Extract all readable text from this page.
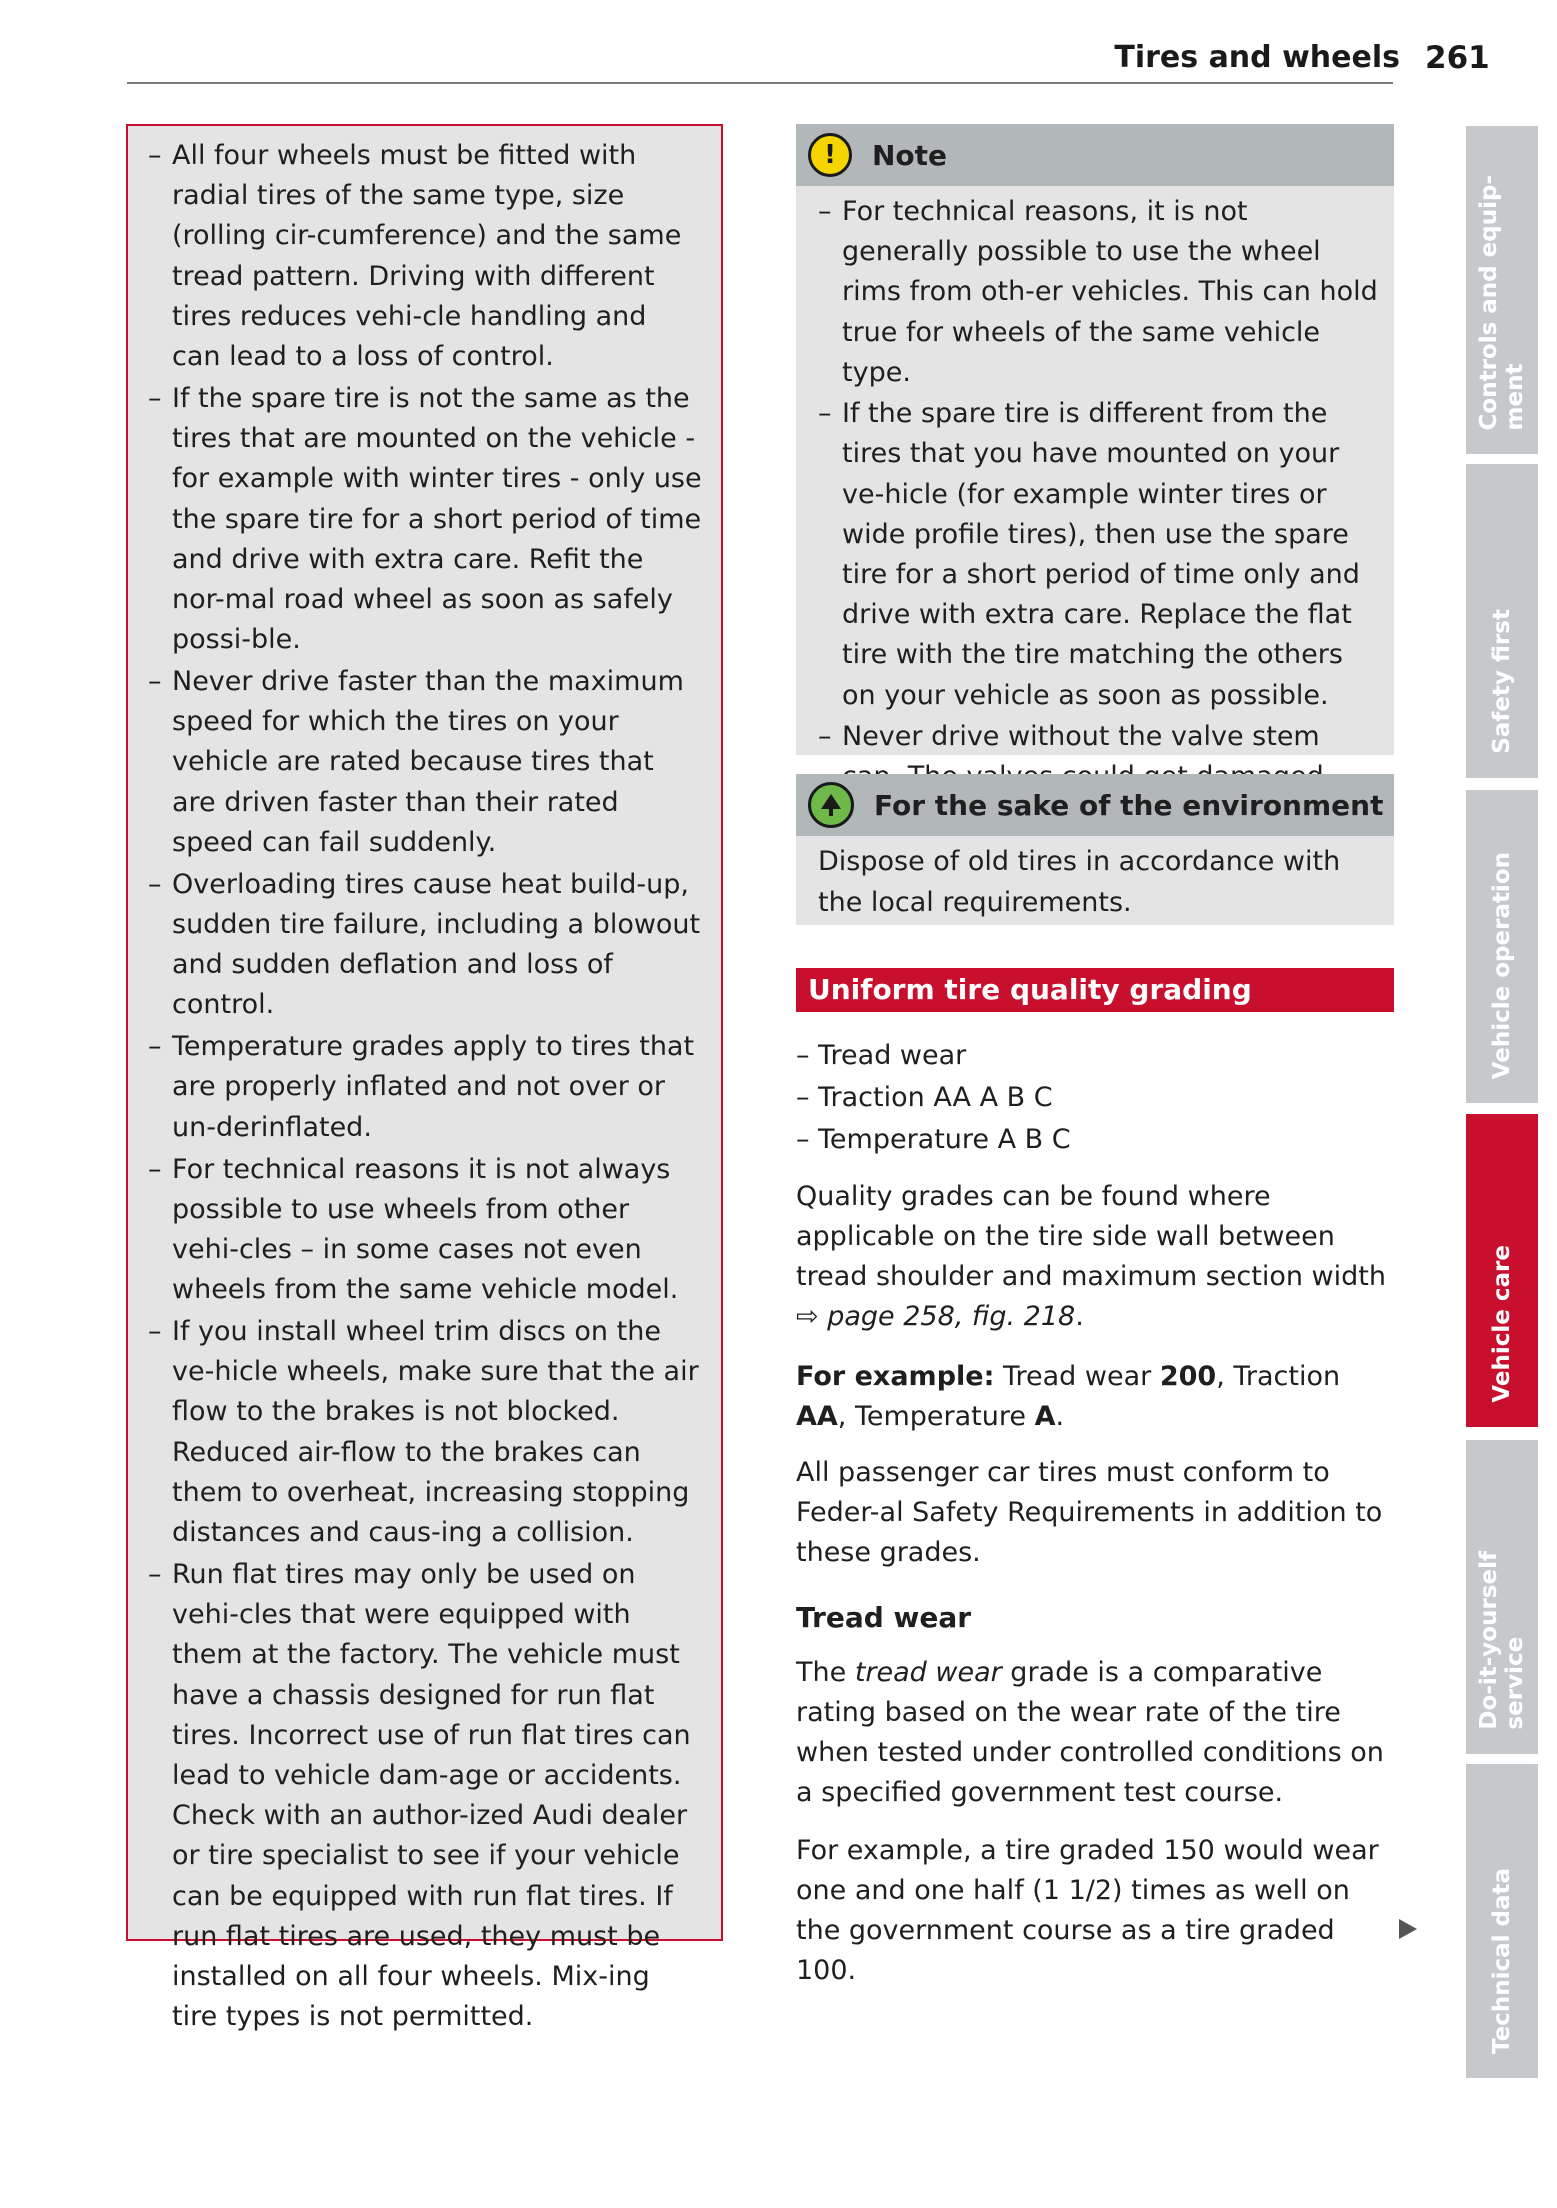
Tires and wheels 261
– All four wheels must be fitted with radial tires of the same type, size (rolling cir-cumference) and the same tread pattern. Driving with different tires reduces vehi-cle handling and can lead to a loss of control.
– If the spare tire is not the same as the tires that are mounted on the vehicle - for example with winter tires - only use the spare tire for a short period of time and drive with extra care. Refit the nor-mal road wheel as soon as safely possi-ble.
– Never drive faster than the maximum speed for which the tires on your vehicle are rated because tires that are driven faster than their rated speed can fail suddenly.
– Overloading tires cause heat build-up, sudden tire failure, including a blowout and sudden deflation and loss of control.
– Temperature grades apply to tires that are properly inflated and not over or un-derinflated.
– For technical reasons it is not always possible to use wheels from other vehi-cles – in some cases not even wheels from the same vehicle model.
– If you install wheel trim discs on the ve-hicle wheels, make sure that the air flow to the brakes is not blocked. Reduced air-flow to the brakes can them to overheat, increasing stopping distances and caus-ing a collision.
– Run flat tires may only be used on vehi-cles that were equipped with them at the factory. The vehicle must have a chassis designed for run flat tires. Incorrect use of run flat tires can lead to vehicle dam-age or accidents. Check with an author-ized Audi dealer or tire specialist to see if your vehicle can be equipped with run flat tires. If run flat tires are used, they must be installed on all four wheels. Mix-ing tire types is not permitted.
!	Note
– For technical reasons, it is not generally possible to use the wheel rims from oth-er vehicles. This can hold true for wheels of the same vehicle type.
– If the spare tire is different from the tires that you have mounted on your ve-hicle (for example winter tires or wide profile tires), then use the spare tire for a short period of time only and drive with extra care. Replace the flat tire with the tire matching the others on your vehicle as soon as possible.
– Never drive without the valve stem
For the sake of the environment
Dispose of old tires in accordance with the local requirements.
Uniform tire quality grading
– Tread wear
– Traction AA A B C
– Temperature A B C

Quality grades can be found where applicable on the tire side wall between tread shoulder and maximum section width ⇨ page 258, fig. 218.

For example: Tread wear 200, Traction AA, Temperature A.

All passenger car tires must conform to Feder-al Safety Requirements in addition to these grades.

Tread wear

The tread wear grade is a comparative rating based on the wear rate of the tire when tested under controlled conditions on a specified government test course.

For example, a tire graded 150 would wear one and one half (1 1/2) times as well on the government course as a tire graded 100.

Controls and equip-
ment
Safety first
Vehicle operation
Vehicle care
Do-it-yourself
service
Technical data
